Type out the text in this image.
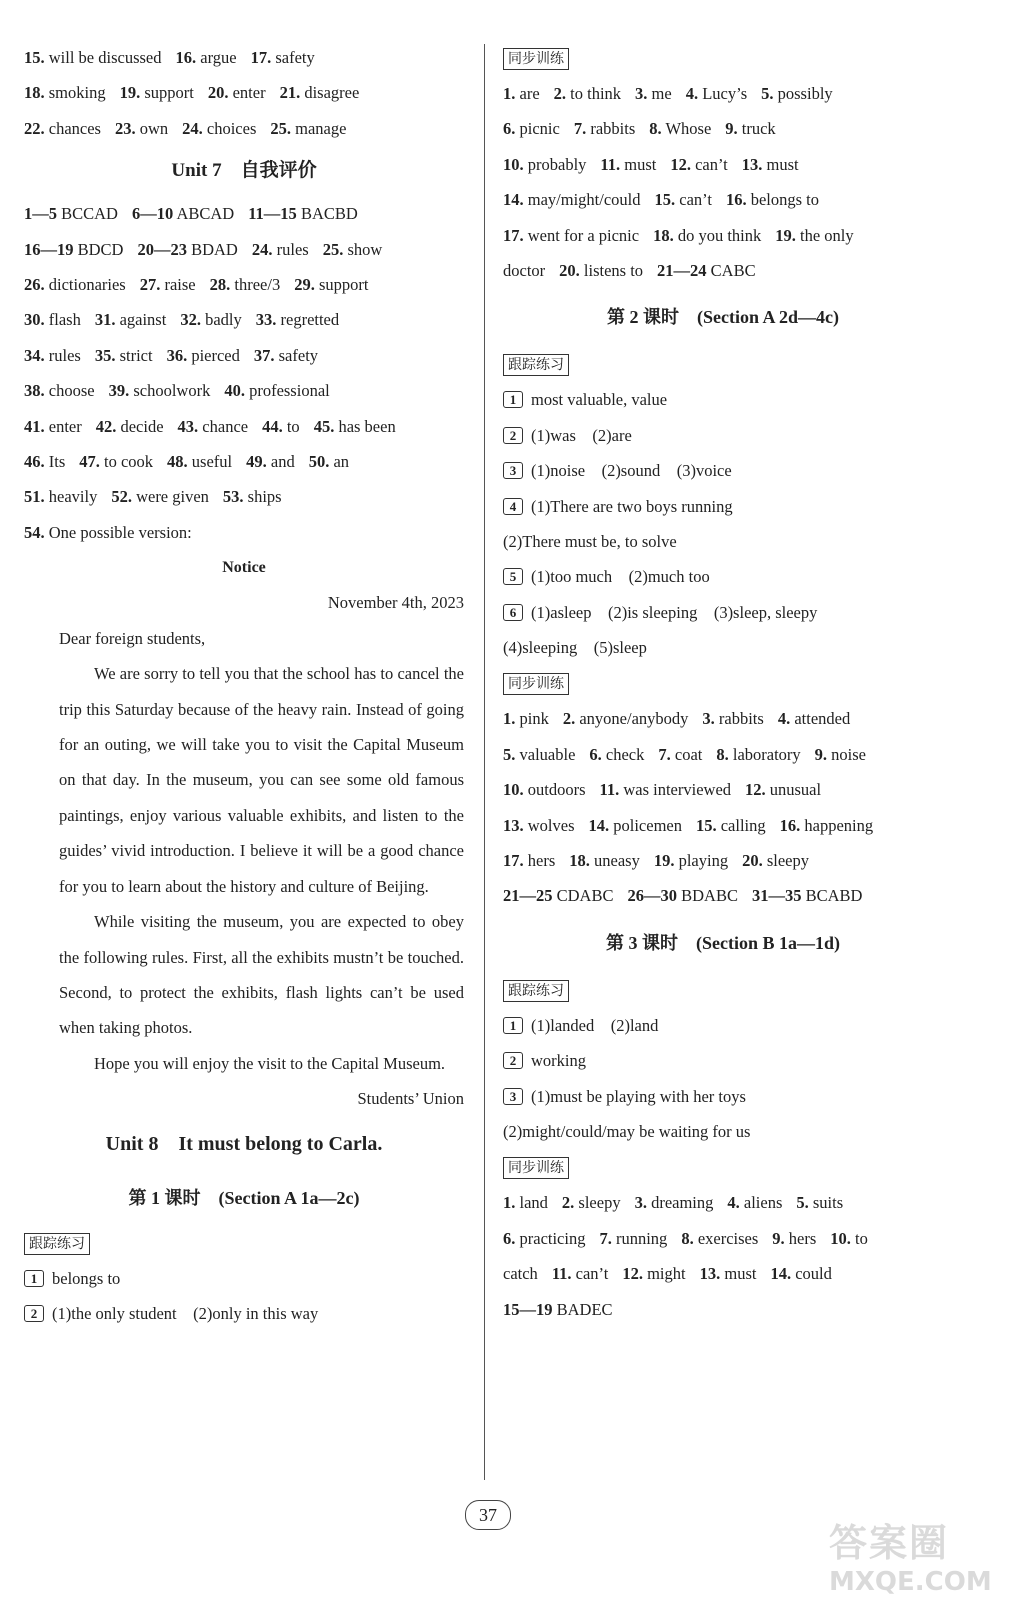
15. will be discussed 16. argue 17. safety
18. smoking 19. support 20. enter 21. disagree
22. chances 23. own 24. choices 25. manage
Unit 7　自我评价
1—5 BCCAD 6—10 ABCAD 11—15 BACBD
16—19 BDCD 20—23 BDAD 24. rules 25. show
26. dictionaries 27. raise 28. three/3 29. support
30. flash 31. against 32. badly 33. regretted
34. rules 35. strict 36. pierced 37. safety
38. choose 39. schoolwork 40. professional
41. enter 42. decide 43. chance 44. to 45. has been
46. Its 47. to cook 48. useful 49. and 50. an
51. heavily 52. were given 53. ships
54. One possible version:
Notice
November 4th, 2023
Dear foreign students,
We are sorry to tell you that the school has to cancel the trip this Saturday because of the heavy rain. Instead of going for an outing, we will take you to visit the Capital Museum on that day. In the museum, you can see some old famous paintings, enjoy various valuable exhibits, and listen to the guides’ vivid introduction. I believe it will be a good chance for you to learn about the history and culture of Beijing.
While visiting the museum, you are expected to obey the following rules. First, all the exhibits mustn’t be touched. Second, to protect the exhibits, flash lights can’t be used when taking photos.
Hope you will enjoy the visit to the Capital Museum.
Students’ Union
Unit 8　It must belong to Carla.
第 1 课时　(Section A 1a—2c)
跟踪练习
1 belongs to
2 (1)the only student　(2)only in this way
同步训练
1. are 2. to think 3. me 4. Lucy’s 5. possibly
6. picnic 7. rabbits 8. Whose 9. truck
10. probably 11. must 12. can’t 13. must
14. may/might/could 15. can’t 16. belongs to
17. went for a picnic 18. do you think 19. the only
doctor 20. listens to 21—24 CABC
第 2 课时　(Section A 2d—4c)
跟踪练习
1 most valuable, value
2 (1)was　(2)are
3 (1)noise　(2)sound　(3)voice
4 (1)There are two boys running
(2)There must be, to solve
5 (1)too much　(2)much too
6 (1)asleep　(2)is sleeping　(3)sleep, sleepy
(4)sleeping　(5)sleep
同步训练
1. pink 2. anyone/anybody 3. rabbits 4. attended
5. valuable 6. check 7. coat 8. laboratory 9. noise
10. outdoors 11. was interviewed 12. unusual
13. wolves 14. policemen 15. calling 16. happening
17. hers 18. uneasy 19. playing 20. sleepy
21—25 CDABC 26—30 BDABC 31—35 BCABD
第 3 课时　(Section B 1a—1d)
跟踪练习
1 (1)landed　(2)land
2 working
3 (1)must be playing with her toys
(2)might/could/may be waiting for us
同步训练
1. land 2. sleepy 3. dreaming 4. aliens 5. suits
6. practicing 7. running 8. exercises 9. hers 10. to
catch 11. can’t 12. might 13. must 14. could
15—19 BADEC
37
答案圈
MXQE.COM
